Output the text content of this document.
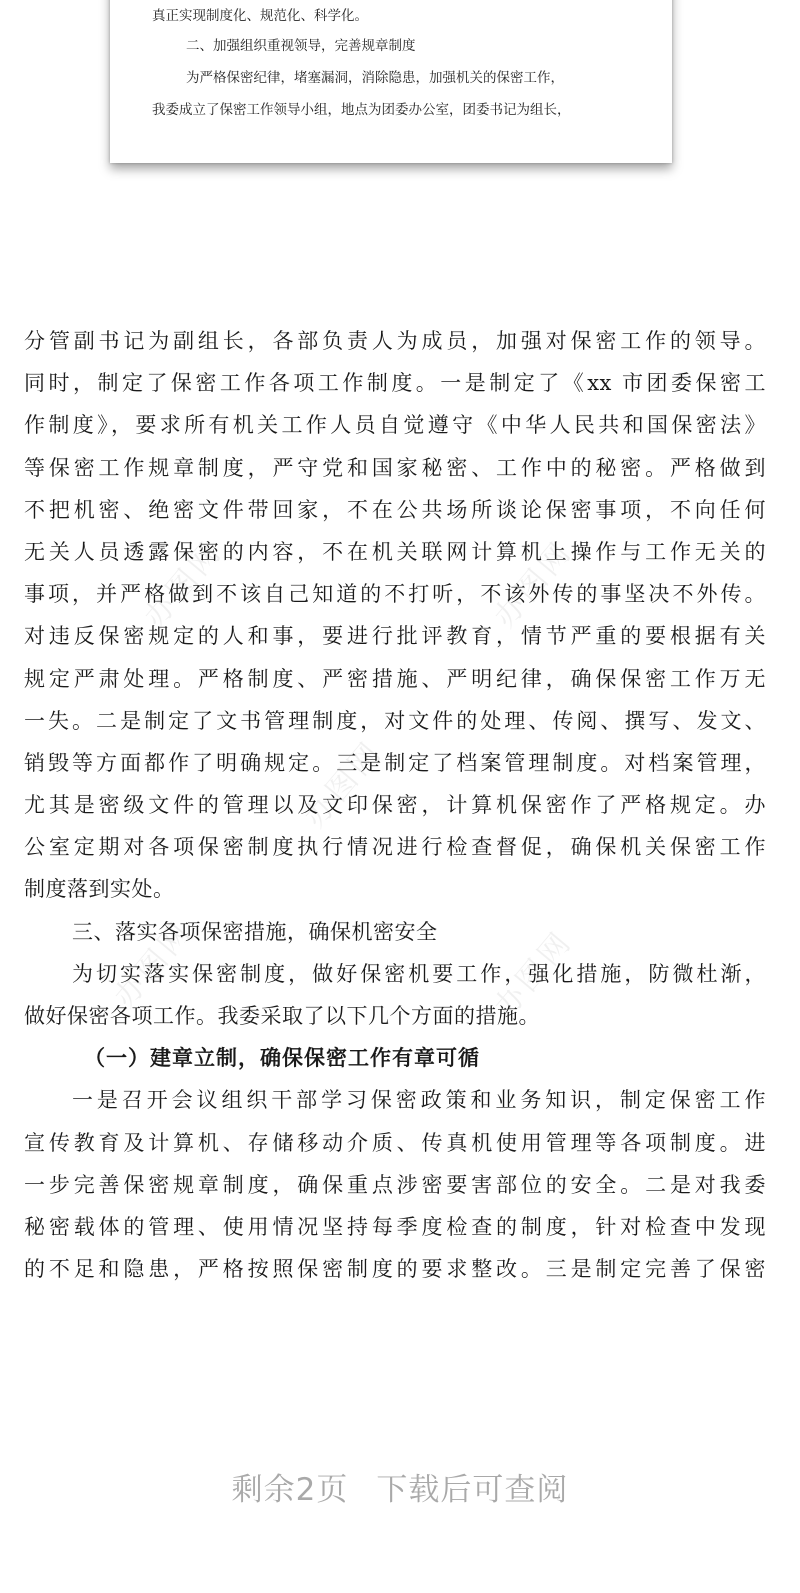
真正实现制度化、规范化、科学化。
二、加强组织重视领导，完善规章制度
为严格保密纪律，堵塞漏洞，消除隐患，加强机关的保密工作，
我委成立了保密工作领导小组，地点为团委办公室，团委书记为组长，
办图网	办图网
办图网
办图网	办图网
分管副书记为副组长，各部负责人为成员，加强对保密工作的领导。
同时，制定了保密工作各项工作制度。一是制定了《xx 市团委保密工
作制度》，要求所有机关工作人员自觉遵守《中华人民共和国保密法》
等保密工作规章制度，严守党和国家秘密、工作中的秘密。严格做到
不把机密、绝密文件带回家，不在公共场所谈论保密事项，不向任何
无关人员透露保密的内容，不在机关联网计算机上操作与工作无关的
事项，并严格做到不该自己知道的不打听，不该外传的事坚决不外传。
对违反保密规定的人和事，要进行批评教育，情节严重的要根据有关
规定严肃处理。严格制度、严密措施、严明纪律，确保保密工作万无
一失。二是制定了文书管理制度，对文件的处理、传阅、撰写、发文、
销毁等方面都作了明确规定。三是制定了档案管理制度。对档案管理，
尤其是密级文件的管理以及文印保密，计算机保密作了严格规定。办
公室定期对各项保密制度执行情况进行检查督促，确保机关保密工作
制度落到实处。
三、落实各项保密措施，确保机密安全
为切实落实保密制度，做好保密机要工作，强化措施，防微杜渐，
做好保密各项工作。我委采取了以下几个方面的措施。
（一）建章立制，确保保密工作有章可循
一是召开会议组织干部学习保密政策和业务知识，制定保密工作
宣传教育及计算机、存储移动介质、传真机使用管理等各项制度。进
一步完善保密规章制度，确保重点涉密要害部位的安全。二是对我委
秘密载体的管理、使用情况坚持每季度检查的制度，针对检查中发现
的不足和隐患，严格按照保密制度的要求整改。三是制定完善了保密
剩余2页 下载后可查阅
